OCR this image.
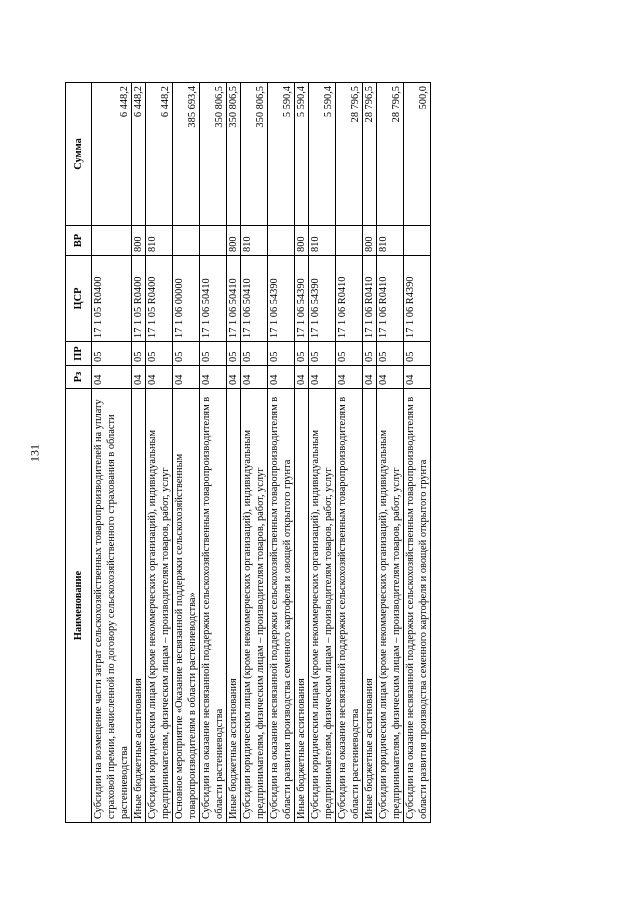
131
Наименование	Рз	ПР	ЦСР	ВР	Сумма
Субсидии на возмещение части затрат сельскохозяйственных товаропроизводителей на уплату страховой премии, начисленной по договору сельскохозяйственного страхования в области растениеводства	04	05	17 1 05 R0400		6 448,2
Иные бюджетные ассигнования	04	05	17 1 05 R0400	800	6 448,2
Субсидии юридическим лицам (кроме некоммерческих организаций), индивидуальным предпринимателям, физическим лицам – производителям товаров, работ, услуг	04	05	17 1 05 R0400	810	6 448,2
Основное мероприятие «Оказание несвязанной поддержки сельскохозяйственным товаропроизводителям в области растениеводства»	04	05	17 1 06 00000		385 693,4
Субсидии на оказание несвязанной поддержки сельскохозяйственным товаропроизводителям в области растениеводства	04	05	17 1 06 50410		350 806,5
Иные бюджетные ассигнования	04	05	17 1 06 50410	800	350 806,5
Субсидии юридическим лицам (кроме некоммерческих организаций), индивидуальным предпринимателям, физическим лицам – производителям товаров, работ, услуг	04	05	17 1 06 50410	810	350 806,5
Субсидии на оказание несвязанной поддержки сельскохозяйственным товаропроизводителям в области развития производства семенного картофеля и овощей открытого грунта	04	05	17 1 06 54390		5 590,4
Иные бюджетные ассигнования	04	05	17 1 06 54390	800	5 590,4
Субсидии юридическим лицам (кроме некоммерческих организаций), индивидуальным предпринимателям, физическим лицам – производителям товаров, работ, услуг	04	05	17 1 06 54390	810	5 590,4
Субсидии на оказание несвязанной поддержки сельскохозяйственным товаропроизводителям в области растениеводства	04	05	17 1 06 R0410		28 796,5
Иные бюджетные ассигнования	04	05	17 1 06 R0410	800	28 796,5
Субсидии юридическим лицам (кроме некоммерческих организаций), индивидуальным предпринимателям, физическим лицам – производителям товаров, работ, услуг	04	05	17 1 06 R0410	810	28 796,5
Субсидии на оказание несвязанной поддержки сельскохозяйственным товаропроизводителям в области развития производства семенного картофеля и овощей открытого грунта	04	05	17 1 06 R4390		500,0
